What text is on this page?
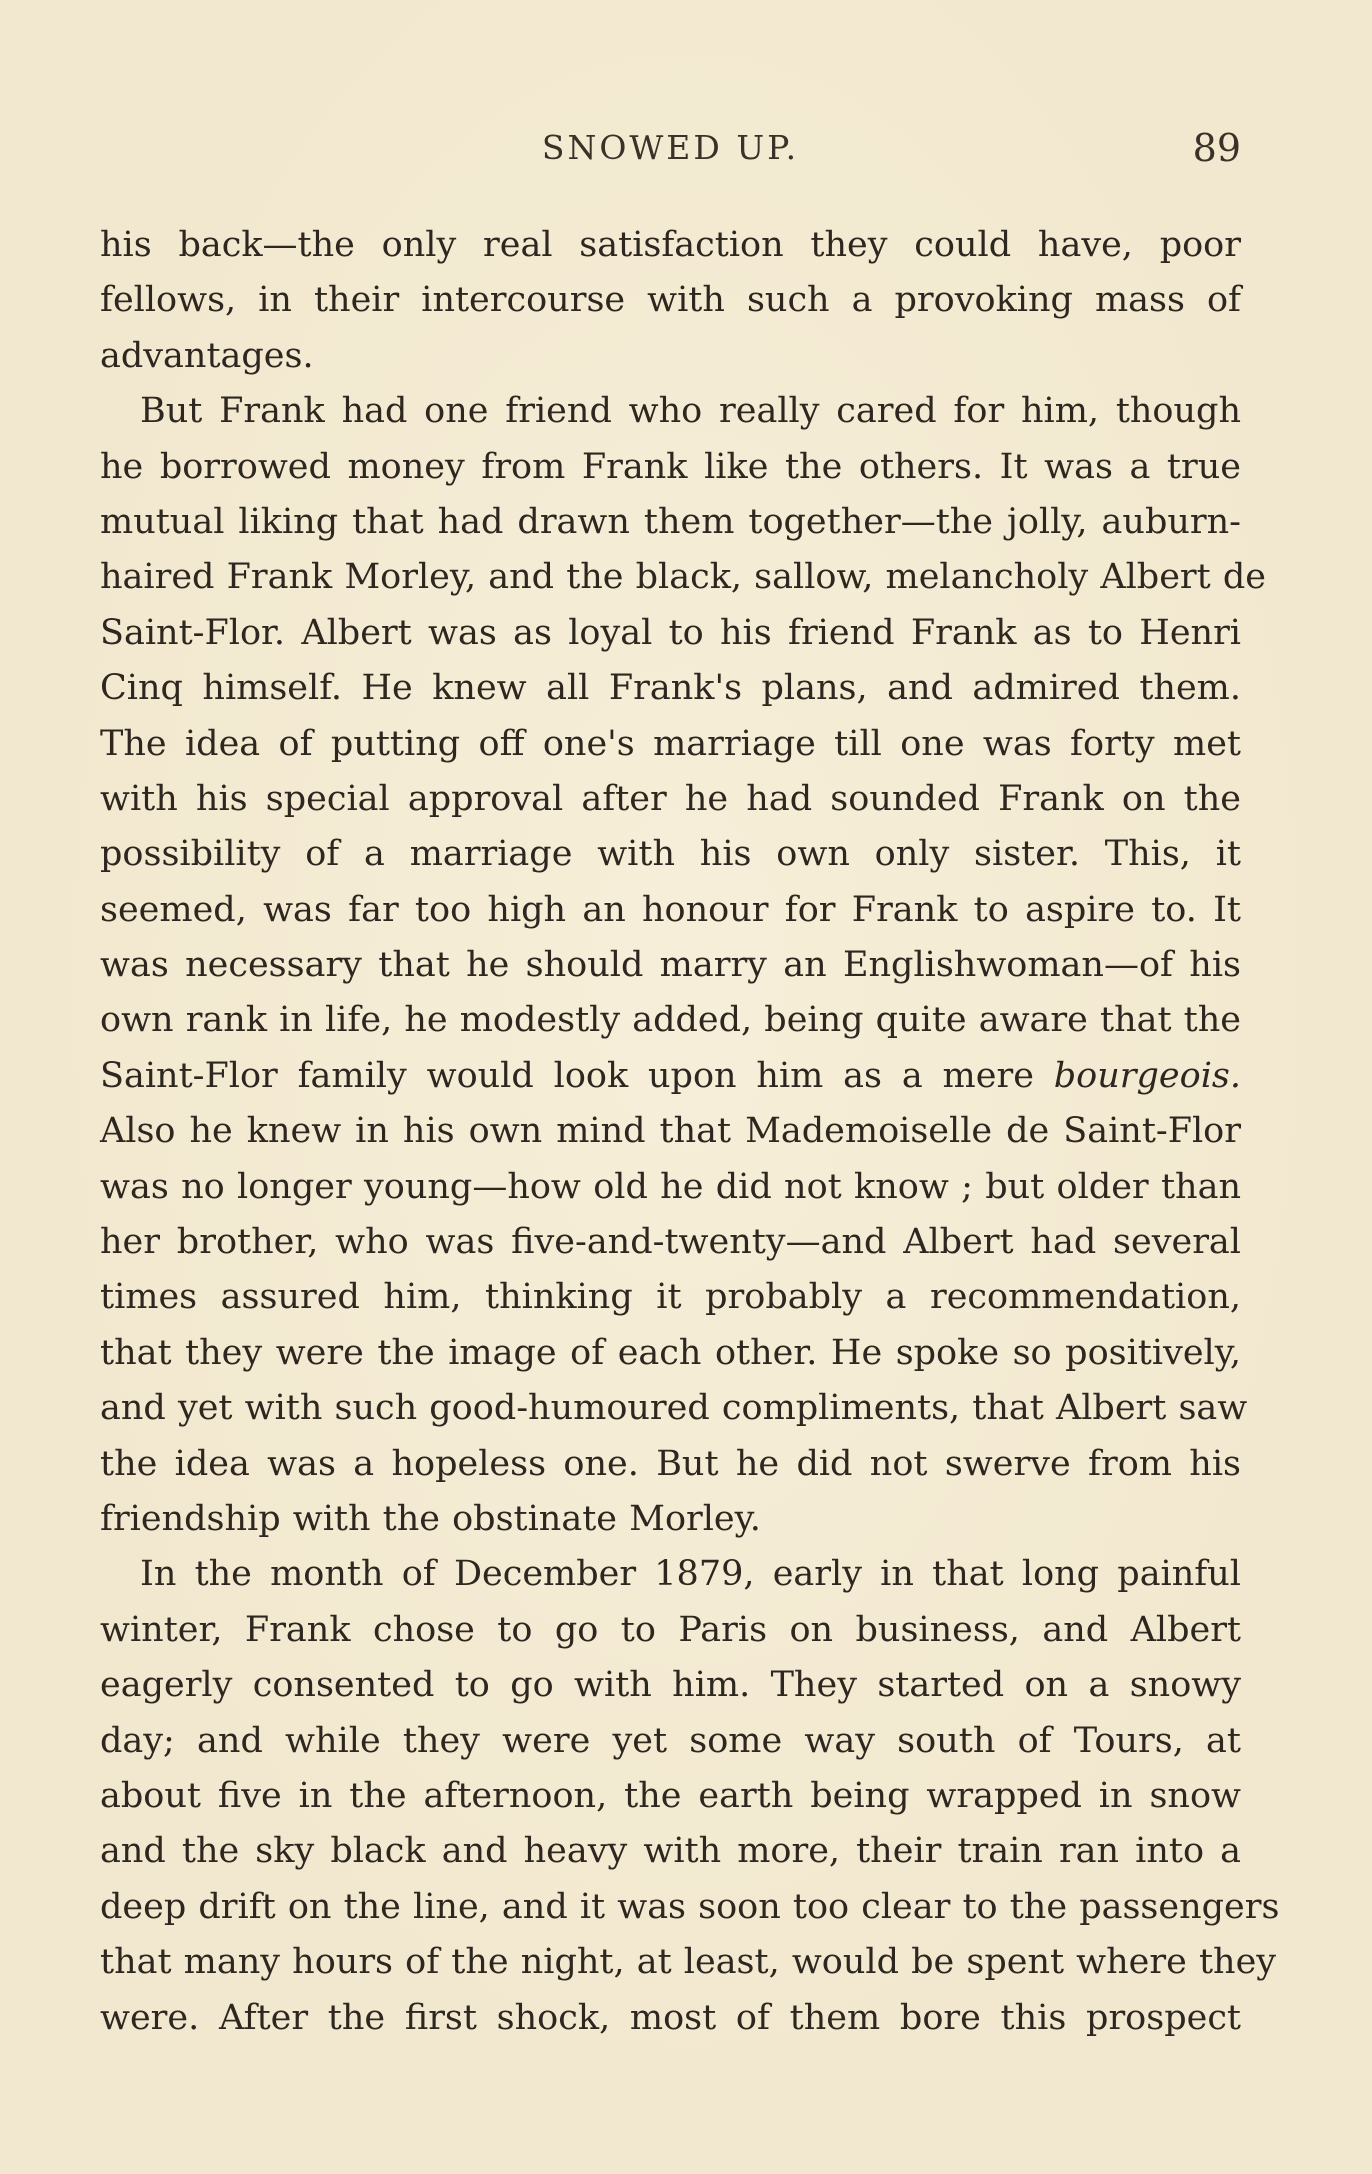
SNOWED UP.	89
his back—the only real satisfaction they could have, poor
fellows, in their intercourse with such a provoking mass of
advantages.
But Frank had one friend who really cared for him, though
he borrowed money from Frank like the others. It was a true
mutual liking that had drawn them together—the jolly, auburn-
haired Frank Morley, and the black, sallow, melancholy Albert de
Saint-Flor. Albert was as loyal to his friend Frank as to Henri
Cinq himself. He knew all Frank's plans, and admired them.
The idea of putting off one's marriage till one was forty met
with his special approval after he had sounded Frank on the
possibility of a marriage with his own only sister. This, it
seemed, was far too high an honour for Frank to aspire to. It
was necessary that he should marry an Englishwoman—of his
own rank in life, he modestly added, being quite aware that the
Saint-Flor family would look upon him as a mere bourgeois.
Also he knew in his own mind that Mademoiselle de Saint-Flor
was no longer young—how old he did not know ; but older than
her brother, who was five-and-twenty—and Albert had several
times assured him, thinking it probably a recommendation,
that they were the image of each other. He spoke so positively,
and yet with such good-humoured compliments, that Albert saw
the idea was a hopeless one. But he did not swerve from his
friendship with the obstinate Morley.
In the month of December 1879, early in that long painful
winter, Frank chose to go to Paris on business, and Albert
eagerly consented to go with him. They started on a snowy
day; and while they were yet some way south of Tours, at
about five in the afternoon, the earth being wrapped in snow
and the sky black and heavy with more, their train ran into a
deep drift on the line, and it was soon too clear to the passengers
that many hours of the night, at least, would be spent where they
were. After the first shock, most of them bore this prospect
